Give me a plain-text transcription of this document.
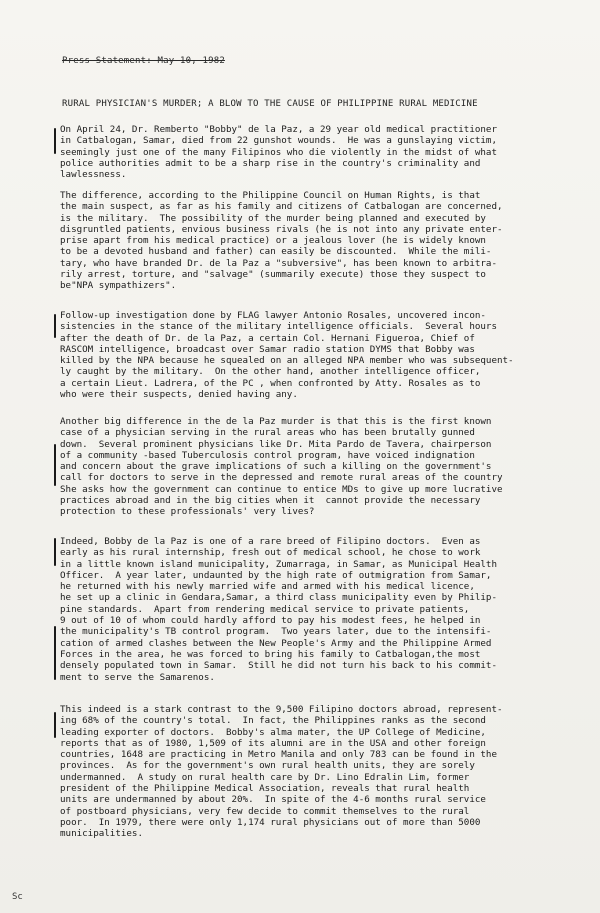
Press Statement: May 10, 1982
RURAL PHYSICIAN'S MURDER; A BLOW TO THE CAUSE OF PHILIPPINE RURAL MEDICINE

On April 24, Dr. Remberto "Bobby" de la Paz, a 29 year old medical practitioner
in Catbalogan, Samar, died from 22 gunshot wounds.  He was a gunslaying victim,
seemingly just one of the many Filipinos who die violently in the midst of what
police authorities admit to be a sharp rise in the country's criminality and
lawlessness.

The difference, according to the Philippine Council on Human Rights, is that
the main suspect, as far as his family and citizens of Catbalogan are concerned,
is the military.  The possibility of the murder being planned and executed by
disgruntled patients, envious business rivals (he is not into any private enter-
prise apart from his medical practice) or a jealous lover (he is widely known
to be a devoted husband and father) can easily be discounted.  While the mili-
tary, who have branded Dr. de la Paz a "subversive", has been known to arbitra-
rily arrest, torture, and "salvage" (summarily execute) those they suspect to
be"NPA sympathizers".

Follow-up investigation done by FLAG lawyer Antonio Rosales, uncovered incon-
sistencies in the stance of the military intelligence officials.  Several hours
after the death of Dr. de la Paz, a certain Col. Hernani Figueroa, Chief of
RASCOM intelligence, broadcast over Samar radio station DYMS that Bobby was
killed by the NPA because he squealed on an alleged NPA member who was subsequent-
ly caught by the military.  On the other hand, another intelligence officer,
a certain Lieut. Ladrera, of the PC , when confronted by Atty. Rosales as to
who were their suspects, denied having any.

Another big difference in the de la Paz murder is that this is the first known
case of a physician serving in the rural areas who has been brutally gunned
down.  Several prominent physicians like Dr. Mita Pardo de Tavera, chairperson
of a community -based Tuberculosis control program, have voiced indignation
and concern about the grave implications of such a killing on the government's
call for doctors to serve in the depressed and remote rural areas of the country
She asks how the government can continue to entice MDs to give up more lucrative
practices abroad and in the big cities when it  cannot provide the necessary
protection to these professionals' very lives?

Indeed, Bobby de la Paz is one of a rare breed of Filipino doctors.  Even as
early as his rural internship, fresh out of medical school, he chose to work
in a little known island municipality, Zumarraga, in Samar, as Municipal Health
Officer.  A year later, undaunted by the high rate of outmigration from Samar,
he returned with his newly married wife and armed with his medical licence,
he set up a clinic in Gendara,Samar, a third class municipality even by Philip-
pine standards.  Apart from rendering medical service to private patients,
9 out of 10 of whom could hardly afford to pay his modest fees, he helped in
the municipality's TB control program.  Two years later, due to the intensifi-
cation of armed clashes between the New People's Army and the Philippine Armed
Forces in the area, he was forced to bring his family to Catbalogan,the most
densely populated town in Samar.  Still he did not turn his back to his commit-
ment to serve the Samarenos.

This indeed is a stark contrast to the 9,500 Filipino doctors abroad, represent-
ing 68% of the country's total.  In fact, the Philippines ranks as the second
leading exporter of doctors.  Bobby's alma mater, the UP College of Medicine,
reports that as of 1980, 1,509 of its alumni are in the USA and other foreign
countries, 1648 are practicing in Metro Manila and only 783 can be found in the
provinces.  As for the government's own rural health units, they are sorely
undermanned.  A study on rural health care by Dr. Lino Edralin Lim, former
president of the Philippine Medical Association, reveals that rural health
units are undermanned by about 20%.  In spite of the 4-6 months rural service
of postboard physicians, very few decide to commit themselves to the rural
poor.  In 1979, there were only 1,174 rural physicians out of more than 5000
municipalities.

Sc
